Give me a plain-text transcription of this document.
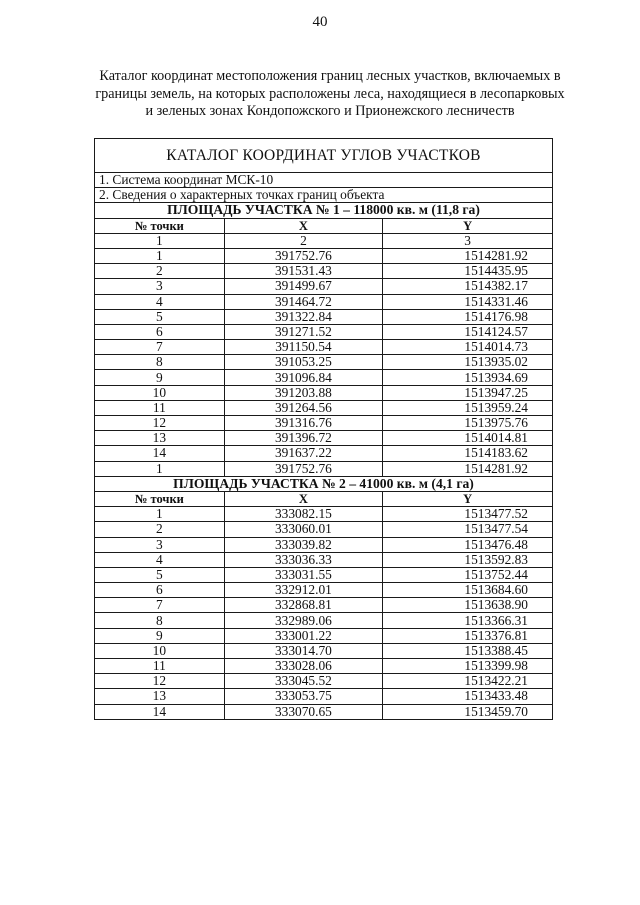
40
Каталог координат местоположения границ лесных участков, включаемых в
границы земель, на которых расположены леса, находящиеся в лесопарковых
и зеленых зонах Кондопожского и Прионежского лесничеств
КАТАЛОГ КООРДИНАТ УГЛОВ УЧАСТКОВ		
1. Система координат МСК-10		
2. Сведения о характерных точках границ объекта		
ПЛОЩАДЬ УЧАСТКА № 1 – 118000 кв. м (11,8 га)		
№ точки	X	Y
1	2	3
1	391752.76	1514281.92
2	391531.43	1514435.95
3	391499.67	1514382.17
4	391464.72	1514331.46
5	391322.84	1514176.98
6	391271.52	1514124.57
7	391150.54	1514014.73
8	391053.25	1513935.02
9	391096.84	1513934.69
10	391203.88	1513947.25
11	391264.56	1513959.24
12	391316.76	1513975.76
13	391396.72	1514014.81
14	391637.22	1514183.62
1	391752.76	1514281.92
ПЛОЩАДЬ УЧАСТКА № 2 – 41000 кв. м (4,1 га)		
№ точки	X	Y
1	333082.15	1513477.52
2	333060.01	1513477.54
3	333039.82	1513476.48
4	333036.33	1513592.83
5	333031.55	1513752.44
6	332912.01	1513684.60
7	332868.81	1513638.90
8	332989.06	1513366.31
9	333001.22	1513376.81
10	333014.70	1513388.45
11	333028.06	1513399.98
12	333045.52	1513422.21
13	333053.75	1513433.48
14	333070.65	1513459.70
